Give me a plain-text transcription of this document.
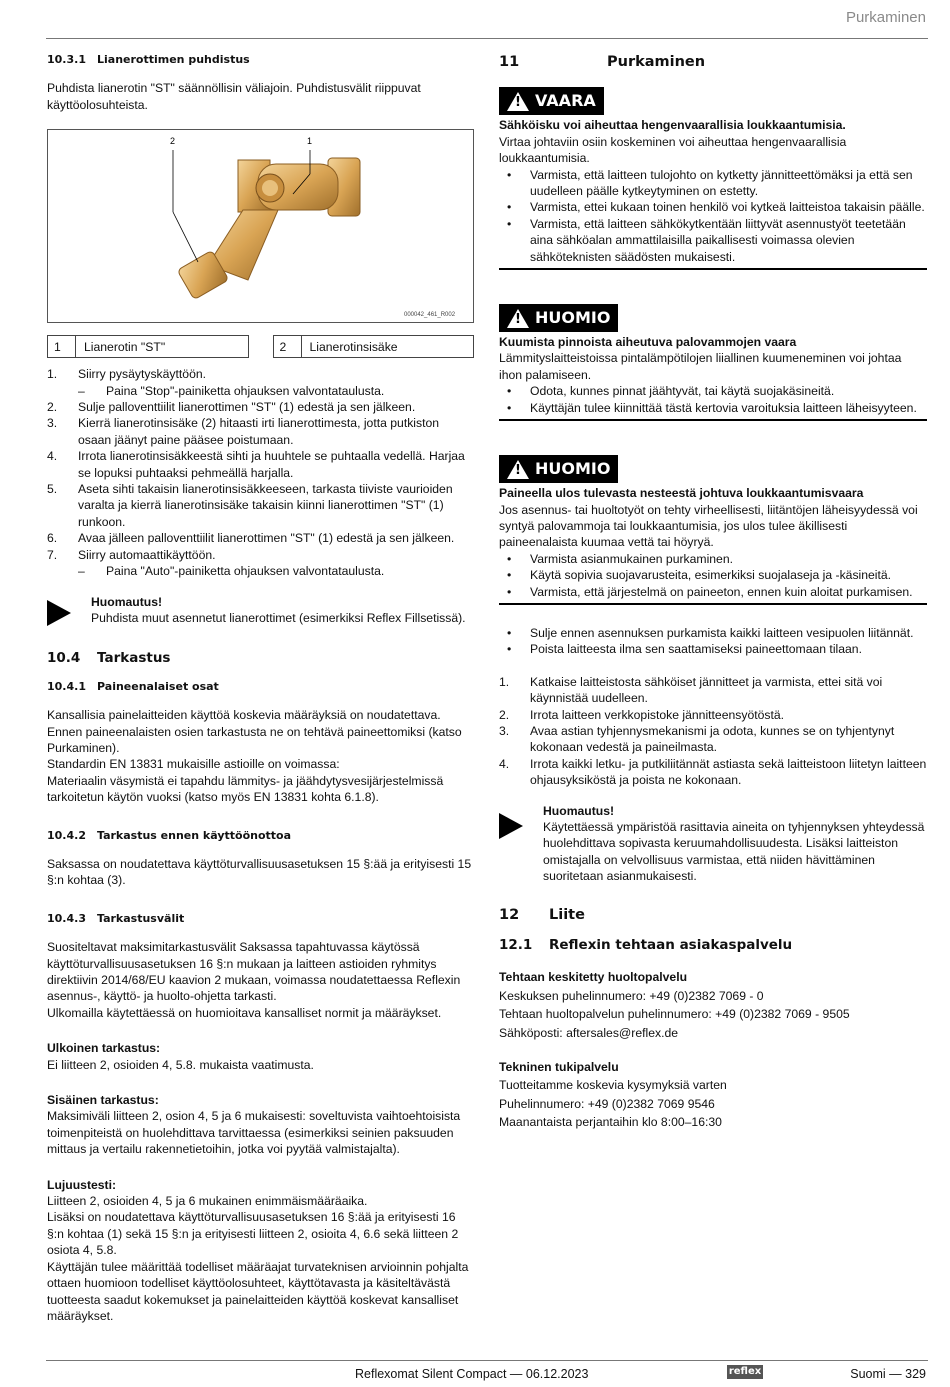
Purkaminen
10.3.1 Lianerottimen puhdistus

Puhdista lianerotin "ST" säännöllisin väliajoin. Puhdistusvälit riippuvat käyttöolosuhteista.

2	1
000042_461_R002
1	Lianerotin "ST"	2	Lianerotinsisäke
1.	Siirry pysäytyskäyttöön.
–	Paina "Stop"-painiketta ohjauksen valvontataulusta.
2.	Sulje palloventtiilit lianerottimen "ST" (1) edestä ja sen jälkeen.
3.	Kierrä lianerotinsisäke (2) hitaasti irti lianerottimesta, jotta putkiston osaan jäänyt paine pääsee poistumaan.
4.	Irrota lianerotinsisäkkeestä sihti ja huuhtele se puhtaalla vedellä. Harjaa se lopuksi puhtaaksi pehmeällä harjalla.
5.	Aseta sihti takaisin lianerotinsisäkkeeseen, tarkasta tiiviste vaurioiden varalta ja kierrä lianerotinsisäke takaisin kiinni lianerottimen "ST" (1) runkoon.
6.	Avaa jälleen palloventtiilit lianerottimen "ST" (1) edestä ja sen jälkeen.
7.	Siirry automaattikäyttöön.
–	Paina "Auto"-painiketta ohjauksen valvontataulusta.

Huomautus!

Puhdista muut asennetut lianerottimet (esimerkiksi Reflex Fillsetissä).

10.4 Tarkastus
10.4.1 Paineenalaiset osat

Kansallisia painelaitteiden käyttöä koskevia määräyksiä on noudatettava. Ennen paineenalaisten osien tarkastusta ne on tehtävä paineettomiksi (katso Purkaminen).

Standardin EN 13831 mukaisille astioille on voimassa:

Materiaalin väsymistä ei tapahdu lämmitys- ja jäähdytysvesijärjestelmissä tarkoitetun käytön vuoksi (katso myös EN 13831 kohta 6.1.8).

10.4.2 Tarkastus ennen käyttöönottoa

Saksassa on noudatettava käyttöturvallisuusasetuksen 15 §:ää ja erityisesti 15 §:n kohtaa (3).

10.4.3 Tarkastusvälit

Suositeltavat maksimitarkastusvälit Saksassa tapahtuvassa käytössä käyttöturvallisuusasetuksen 16 §:n mukaan ja laitteen astioiden ryhmitys direktiivin 2014/68/EU kaavion 2 mukaan, voimassa noudatettaessa Reflexin asennus-, käyttö- ja huolto-ohjetta tarkasti.

Ulkomailla käytettäessä on huomioitava kansalliset normit ja määräykset.

Ulkoinen tarkastus:

Ei liitteen 2, osioiden 4, 5.8. mukaista vaatimusta.

Sisäinen tarkastus:

Maksimiväli liitteen 2, osion 4, 5 ja 6 mukaisesti: soveltuvista vaihtoehtoisista toimenpiteistä on huolehdittava tarvittaessa (esimerkiksi seinien paksuuden mittaus ja vertailu rakennetietoihin, jotka voi pyytää valmistajalta).

Lujuustesti:

Liitteen 2, osioiden 4, 5 ja 6 mukainen enimmäismääräaika.

Lisäksi on noudatettava käyttöturvallisuusasetuksen 16 §:ää ja erityisesti 16 §:n kohtaa (1) sekä 15 §:n ja erityisesti liitteen 2, osioita 4, 6.6 sekä liitteen 2 osiota 4, 5.8.

Käyttäjän tulee määrittää todelliset määräajat turvateknisen arvioinnin pohjalta ottaen huomioon todelliset käyttöolosuhteet, käyttötavasta ja käsiteltävästä tuotteesta saadut kokemukset ja painelaitteiden käyttöä koskevat kansalliset määräykset.

11	Purkaminen
! VAARA

Sähköisku voi aiheuttaa hengenvaarallisia loukkaantumisia.

Virtaa johtaviin osiin koskeminen voi aiheuttaa hengenvaarallisia loukkaantumisia.

•	Varmista, että laitteen tulojohto on kytketty jännitteettömäksi ja että sen uudelleen päälle kytkeytyminen on estetty.
•	Varmista, ettei kukaan toinen henkilö voi kytkeä laitteistoa takaisin päälle.
•	Varmista, että laitteen sähkökytkentään liittyvät asennustyöt teetetään aina sähköalan ammattilaisilla paikallisesti voimassa olevien sähköteknisten säädösten mukaisesti.
! HUOMIO

Kuumista pinnoista aiheutuva palovammojen vaara

Lämmityslaitteistoissa pintalämpötilojen liiallinen kuumeneminen voi johtaa ihon palamiseen.

•	Odota, kunnes pinnat jäähtyvät, tai käytä suojakäsineitä.
•	Käyttäjän tulee kiinnittää tästä kertovia varoituksia laitteen läheisyyteen.
! HUOMIO

Paineella ulos tulevasta nesteestä johtuva loukkaantumisvaara

Jos asennus- tai huoltotyöt on tehty virheellisesti, liitäntöjen läheisyydessä voi syntyä palovammoja tai loukkaantumisia, jos ulos tulee äkillisesti paineenalaista kuumaa vettä tai höyryä.

•	Varmista asianmukainen purkaminen.
•	Käytä sopivia suojavarusteita, esimerkiksi suojalaseja ja -käsineitä.
•	Varmista, että järjestelmä on paineeton, ennen kuin aloitat purkamisen.
•	Sulje ennen asennuksen purkamista kaikki laitteen vesipuolen liitännät.
•	Poista laitteesta ilma sen saattamiseksi paineettomaan tilaan.
1.	Katkaise laitteistosta sähköiset jännitteet ja varmista, ettei sitä voi käynnistää uudelleen.
2.	Irrota laitteen verkkopistoke jännitteensyötöstä.
3.	Avaa astian tyhjennysmekanismi ja odota, kunnes se on tyhjentynyt kokonaan vedestä ja paineilmasta.
4.	Irrota kaikki letku- ja putkiliitännät astiasta sekä laitteistoon liitetyn laitteen ohjausyksiköstä ja poista ne kokonaan.

Huomautus!

Käytettäessä ympäristöä rasittavia aineita on tyhjennyksen yhteydessä huolehdittava sopivasta keruumahdollisuudesta. Lisäksi laitteiston omistajalla on velvollisuus varmistaa, että niiden hävittäminen suoritetaan asianmukaisesti.

12 Liite
12.1 Reflexin tehtaan asiakaspalvelu

Tehtaan keskitetty huoltopalvelu

Keskuksen puhelinnumero: +49 (0)2382 7069 - 0

Tehtaan huoltopalvelun puhelinnumero: +49 (0)2382 7069 - 9505

Sähköposti: aftersales@reflex.de

Tekninen tukipalvelu

Tuotteitamme koskevia kysymyksiä varten

Puhelinnumero: +49 (0)2382 7069 9546

Maanantaista perjantaihin klo 8:00–16:30

Reflexomat Silent Compact — 06.12.2023	reflex	Suomi — 329
